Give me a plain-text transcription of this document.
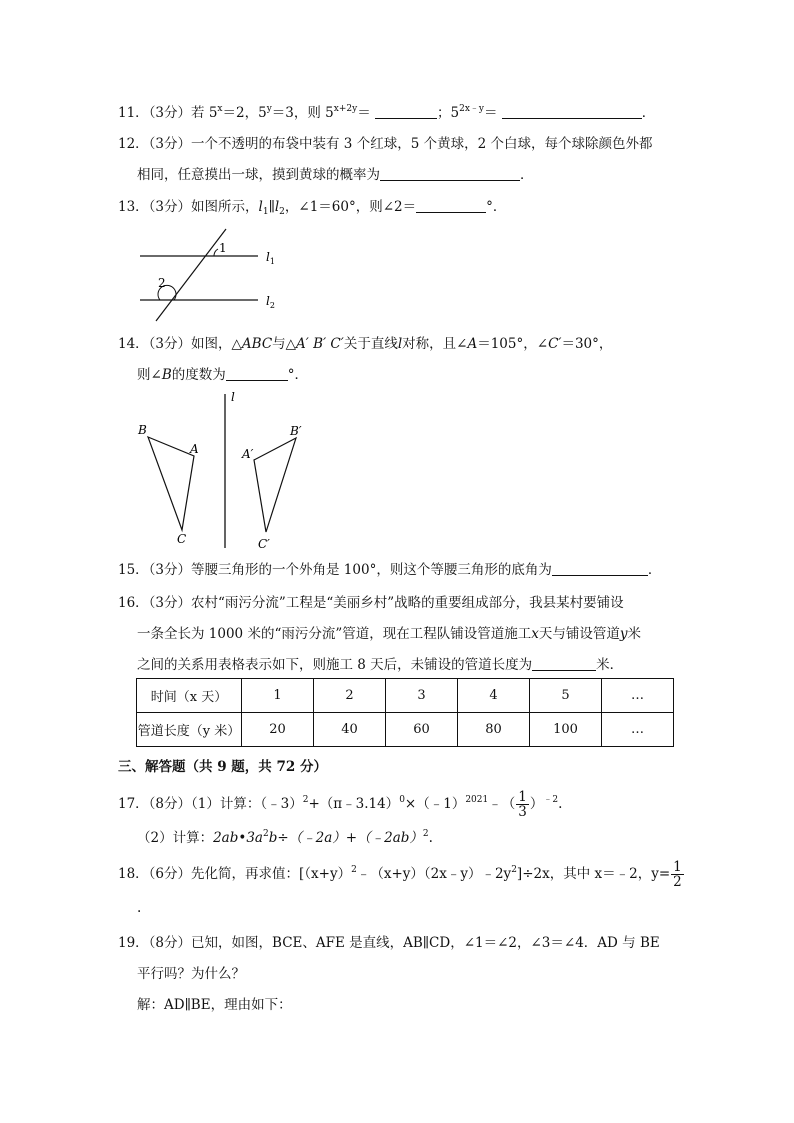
11．（3分）若 $5^x=2$，$5^y=3$，则 $5^{x+2y}=$	；$5^{2x﹣y}=$	．
12．（3分）一个不透明的布袋中装有 3 个红球，5 个黄球，2 个白球，每个球除颜色外都
相同，任意摸出一球，摸到黄球的概率为	．
13．（3分）如图所示，$l_1\parallel l_2$，∠1＝60°，则∠2＝	°．
1
2
$l_1$
$l_2$
14．（3分）如图，△ABC与△A′ B′ C′关于直线l对称，且∠A＝105°，∠C′＝30°，
则∠B的度数为	°．
l
B
A
C
B′
A′
C′
15．（3分）等腰三角形的一个外角是 100°，则这个等腰三角形的底角为	．
16．（3分）农村“雨污分流”工程是“美丽乡村”战略的重要组成部分，我县某村要铺设
一条全长为 1000 米的“雨污分流”管道，现在工程队铺设管道施工x天与铺设管道y米
之间的关系用表格表示如下，则施工 8 天后，未铺设的管道长度为	米．
时间（x 天）	1	2	3	4	5	…
管道长度（y 米）	20	40	60	80	100	…
三、解答题（共 9 题，共 72 分）
17．（8分）（1）计算：（﹣3）$^2$+（π﹣3.14）$^0$×（﹣1）$^{2021}$﹣（ $\frac{1}{3} )^{﹣2}$.
（2）计算：$2ab•3a^2b\div(﹣2a)+(﹣2ab)^2$.
18．（6分）先化简，再求值：$[(x+y)^2﹣(x+y)(2x﹣y)﹣2y^2]\div 2x$，其中 x＝﹣2，$y= \frac{1}{2}$
.
19．（8分）已知，如图，BCE、AFE 是直线，AB∥CD，∠1＝∠2，∠3＝∠4．AD 与 BE
平行吗？为什么？
解：AD∥BE，理由如下：
